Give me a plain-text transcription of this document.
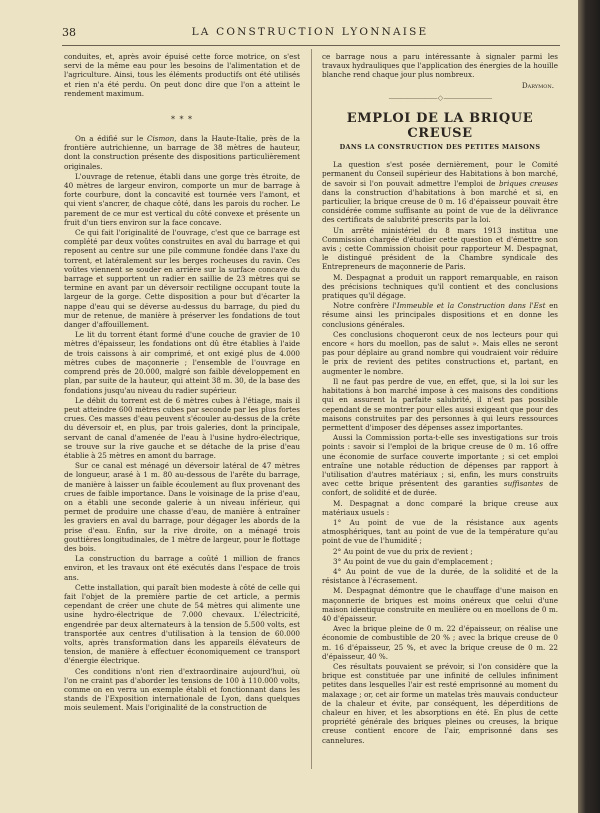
38	LA CONSTRUCTION LYONNAISE

conduites, et, après avoir épuisé cette force motrice, on s'est servi de la même eau pour les besoins de l'alimentation et de l'agriculture. Ainsi, tous les éléments productifs ont été utilisés et rien n'a été perdu. On peut donc dire que l'on a atteint le rendement maximum.

* * *

On a édifié sur le Cismon, dans la Haute-Italie, près de la frontière autrichienne, un barrage de 38 mètres de hauteur, dont la construction présente des dispositions particulièrement originales.

L'ouvrage de retenue, établi dans une gorge très étroite, de 40 mètres de largeur environ, comporte un mur de barrage à forte courbure, dont la concavité est tournée vers l'amont, et qui vient s'ancrer, de chaque côté, dans les parois du rocher. Le parement de ce mur est vertical du côté convexe et présente un fruit d'un tiers environ sur la face concave.

Ce qui fait l'originalité de l'ouvrage, c'est que ce barrage est complété par deux voûtes construites en aval du barrage et qui reposent au centre sur une pile commune fondée dans l'axe du torrent, et latéralement sur les berges rocheuses du ravin. Ces voûtes viennent se souder en arrière sur la surface concave du barrage et supportent un radier en saillie de 23 mètres qui se termine en avant par un déversoir rectiligne occupant toute la largeur de la gorge. Cette disposition a pour but d'écarter la nappe d'eau qui se déverse au-dessus du barrage, du pied du mur de retenue, de manière à préserver les fondations de tout danger d'affouillement.

Le lit du torrent étant formé d'une couche de gravier de 10 mètres d'épaisseur, les fondations ont dû être établies à l'aide de trois caissons à air comprimé, et ont exigé plus de 4.000 mètres cubes de maçonnerie ; l'ensemble de l'ouvrage en comprend près de 20.000, malgré son faible développement en plan, par suite de la hauteur, qui atteint 38 m. 30, de la base des fondations jusqu'au niveau du radier supérieur.

Le débit du torrent est de 6 mètres cubes à l'étiage, mais il peut atteindre 600 mètres cubes par seconde par les plus fortes crues. Ces masses d'eau peuvent s'écouler au-dessus de la crête du déversoir et, en plus, par trois galeries, dont la principale, servant de canal d'amenée de l'eau à l'usine hydro-électrique, se trouve sur la rive gauche et se détache de la prise d'eau établie à 25 mètres en amont du barrage.

Sur ce canal est ménagé un déversoir latéral de 47 mètres de longueur, arasé à 1 m. 80 au-dessous de l'arête du barrage, de manière à laisser un faible écoulement au flux provenant des crues de faible importance. Dans le voisinage de la prise d'eau, on a établi une seconde galerie à un niveau inférieur, qui permet de produire une chasse d'eau, de manière à entraîner les graviers en aval du barrage, pour dégager les abords de la prise d'eau. Enfin, sur la rive droite, on a ménagé trois gouttières longitudinales, de 1 mètre de largeur, pour le flottage des bois.

La construction du barrage a coûté 1 million de francs environ, et les travaux ont été exécutés dans l'espace de trois ans.

Cette installation, qui paraît bien modeste à côté de celle qui fait l'objet de la première partie de cet article, a permis cependant de créer une chute de 54 mètres qui alimente une usine hydro-électrique de 7.000 chevaux. L'électricité, engendrée par deux alternateurs à la tension de 5.500 volts, est transportée aux centres d'utilisation à la tension de 60.000 volts, après transformation dans les appareils élévateurs de tension, de manière à effectuer économiquement ce transport d'énergie électrique.

Ces conditions n'ont rien d'extraordinaire aujourd'hui, où l'on ne craint pas d'aborder les tensions de 100 à 110.000 volts, comme on en verra un exemple établi et fonctionnant dans les stands de l'Exposition internationale de Lyon, dans quelques mois seulement. Mais l'originalité de la construction de

ce barrage nous a paru intéressante à signaler parmi les travaux hydrauliques que l'application des énergies de la houille blanche rend chaque jour plus nombreux.

Darymon.
———————— ◇ ————————
EMPLOI DE LA BRIQUE CREUSE
DANS LA CONSTRUCTION DES PETITES MAISONS

La question s'est posée dernièrement, pour le Comité permanent du Conseil supérieur des Habitations à bon marché, de savoir si l'on pouvait admettre l'emploi de briques creuses dans la construction d'habitations à bon marché et si, en particulier, la brique creuse de 0 m. 16 d'épaisseur pouvait être considérée comme suffisante au point de vue de la délivrance des certificats de salubrité prescrits par la loi.

Un arrêté ministériel du 8 mars 1913 institua une Commission chargée d'étudier cette question et d'émettre son avis ; cette Commission choisit pour rapporteur M. Despagnat, le distingué président de la Chambre syndicale des Entrepreneurs de maçonnerie de Paris.

M. Despagnat a produit un rapport remarquable, en raison des précisions techniques qu'il contient et des conclusions pratiques qu'il dégage.

Notre confrère l'Immeuble et la Construction dans l'Est en résume ainsi les principales dispositions et en donne les conclusions générales.

Ces conclusions choqueront ceux de nos lecteurs pour qui encore « hors du moellon, pas de salut ». Mais elles ne seront pas pour déplaire au grand nombre qui voudraient voir réduire le prix de revient des petites constructions et, partant, en augmenter le nombre.

Il ne faut pas perdre de vue, en effet, que, si la loi sur les habitations à bon marché impose à ces maisons des conditions qui en assurent la parfaite salubrité, il n'est pas possible cependant de se montrer pour elles aussi exigeant que pour des maisons construites par des personnes à qui leurs ressources permettent d'imposer des dépenses assez importantes.

Aussi la Commission porta-t-elle ses investigations sur trois points : savoir si l'emploi de la brique creuse de 0 m. 16 offre une économie de surface couverte importante ; si cet emploi entraîne une notable réduction de dépenses par rapport à l'utilisation d'autres matériaux ; si, enfin, les murs construits avec cette brique présentent des garanties suffisantes de confort, de solidité et de durée.

M. Despagnat a donc comparé la brique creuse aux matériaux usuels :

1° Au point de vue de la résistance aux agents atmosphériques, tant au point de vue de la température qu'au point de vue de l'humidité ;

2° Au point de vue du prix de revient ;

3° Au point de vue du gain d'emplacement ;

4° Au point de vue de la durée, de la solidité et de la résistance à l'écrasement.

M. Despagnat démontre que le chauffage d'une maison en maçonnerie de briques est moins onéreux que celui d'une maison identique construite en meulière ou en moellons de 0 m. 40 d'épaisseur.

Avec la brique pleine de 0 m. 22 d'épaisseur, on réalise une économie de combustible de 20 % ; avec la brique creuse de 0 m. 16 d'épaisseur, 25 %, et avec la brique creuse de 0 m. 22 d'épaisseur, 40 %.

Ces résultats pouvaient se prévoir, si l'on considère que la brique est constituée par une infinité de cellules infiniment petites dans lesquelles l'air est resté emprisonné au moment du malaxage ; or, cet air forme un matelas très mauvais conducteur de la chaleur et évite, par conséquent, les déperditions de chaleur en hiver, et les absorptions en été. En plus de cette propriété générale des briques pleines ou creuses, la brique creuse contient encore de l'air, emprisonné dans ses cannelures.
